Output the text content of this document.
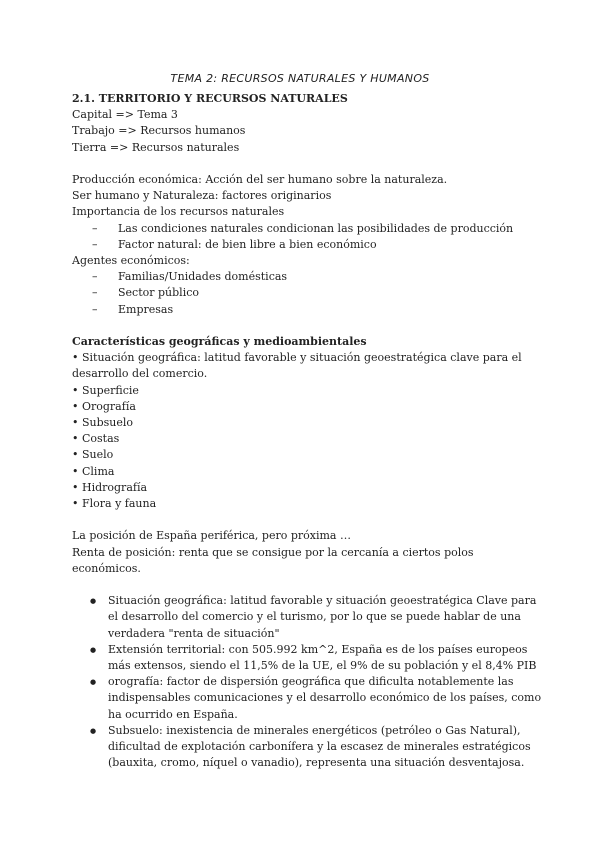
TEMA 2: RECURSOS NATURALES Y HUMANOS

2.1. TERRITORIO Y RECURSOS NATURALES

Capital => Tema 3

Trabajo => Recursos humanos

Tierra => Recursos naturales

Producción económica: Acción del ser humano sobre la naturaleza.

Ser humano y Naturaleza: factores originarios

Importancia de los recursos naturales

– Las condiciones naturales condicionan las posibilidades de producción
– Factor natural: de bien libre a bien económico

Agentes económicos:

– Familias/Unidades domésticas
– Sector público
– Empresas

Características geográficas y medioambientales

• Situación geográfica: latitud favorable y situación geoestratégica clave para el desarrollo del comercio.

• Superficie

• Orografía

• Subsuelo

• Costas

• Suelo

• Clima

• Hidrografía

• Flora y fauna

La posición de España periférica, pero próxima …

Renta de posición: renta que se consigue por la cercanía a ciertos polos económicos.

● Situación geográfica: latitud favorable y situación geoestratégica Clave para el desarrollo del comercio y el turismo, por lo que se puede hablar de una verdadera "renta de situación"
● Extensión territorial: con 505.992 km^2, España es de los países europeos más extensos, siendo el 11,5% de la UE, el 9% de su población y el 8,4% PIB
● orografía: factor de dispersión geográfica que dificulta notablemente las indispensables comunicaciones y el desarrollo económico de los países, como ha ocurrido en España.
● Subsuelo: inexistencia de minerales energéticos (petróleo o Gas Natural), dificultad de explotación carbonífera y la escasez de minerales estratégicos (bauxita, cromo, níquel o vanadio), representa una situación desventajosa.
